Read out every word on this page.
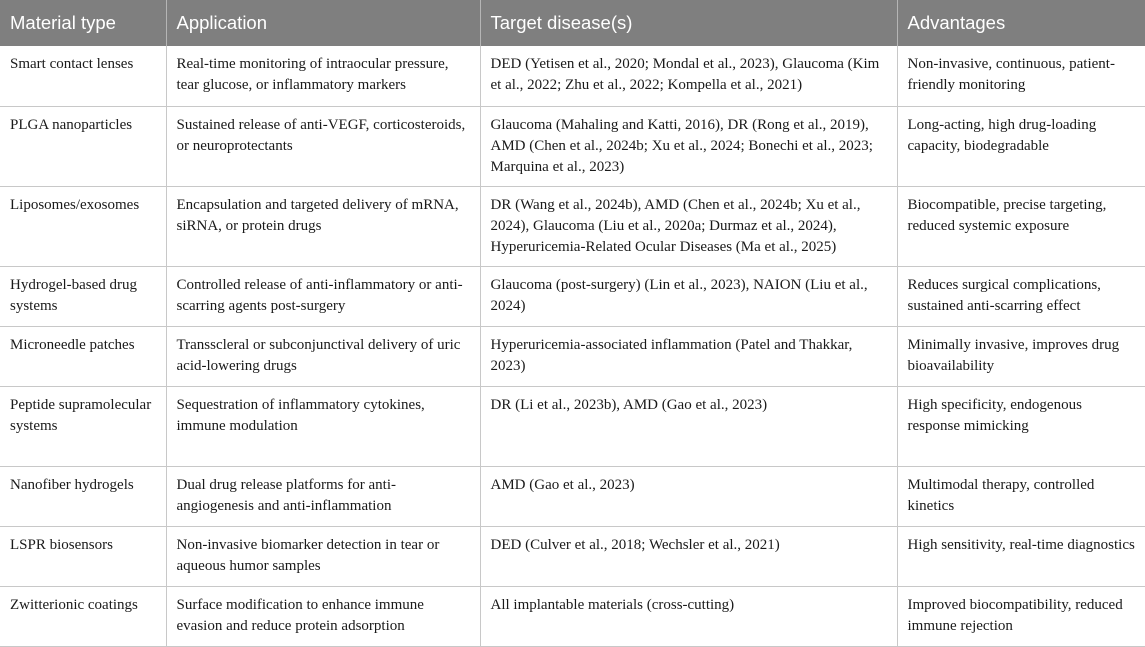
Material type	Application	Target disease(s)	Advantages
Smart contact lenses	Real-time monitoring of intraocular pressure, tear glucose, or inflammatory markers	DED (Yetisen et al., 2020; Mondal et al., 2023), Glaucoma (Kim et al., 2022; Zhu et al., 2022; Kompella et al., 2021)	Non-invasive, continuous, patient-friendly monitoring
PLGA nanoparticles	Sustained release of anti-VEGF, corticosteroids, or neuroprotectants	Glaucoma (Mahaling and Katti, 2016), DR (Rong et al., 2019), AMD (Chen et al., 2024b; Xu et al., 2024; Bonechi et al., 2023; Marquina et al., 2023)	Long-acting, high drug-loading capacity, biodegradable
Liposomes/exosomes	Encapsulation and targeted delivery of mRNA, siRNA, or protein drugs	DR (Wang et al., 2024b), AMD (Chen et al., 2024b; Xu et al., 2024), Glaucoma (Liu et al., 2020a; Durmaz et al., 2024), Hyperuricemia-Related Ocular Diseases (Ma et al., 2025)	Biocompatible, precise targeting, reduced systemic exposure
Hydrogel-based drug systems	Controlled release of anti-inflammatory or anti-scarring agents post-surgery	Glaucoma (post-surgery) (Lin et al., 2023), NAION (Liu et al., 2024)	Reduces surgical complications, sustained anti-scarring effect
Microneedle patches	Transscleral or subconjunctival delivery of uric acid-lowering drugs	Hyperuricemia-associated inflammation (Patel and Thakkar, 2023)	Minimally invasive, improves drug bioavailability
Peptide supramolecular systems	Sequestration of inflammatory cytokines, immune modulation	DR (Li et al., 2023b), AMD (Gao et al., 2023)	High specificity, endogenous response mimicking
Nanofiber hydrogels	Dual drug release platforms for anti-angiogenesis and anti-inflammation	AMD (Gao et al., 2023)	Multimodal therapy, controlled kinetics
LSPR biosensors	Non-invasive biomarker detection in tear or aqueous humor samples	DED (Culver et al., 2018; Wechsler et al., 2021)	High sensitivity, real-time diagnostics
Zwitterionic coatings	Surface modification to enhance immune evasion and reduce protein adsorption	All implantable materials (cross-cutting)	Improved biocompatibility, reduced immune rejection
